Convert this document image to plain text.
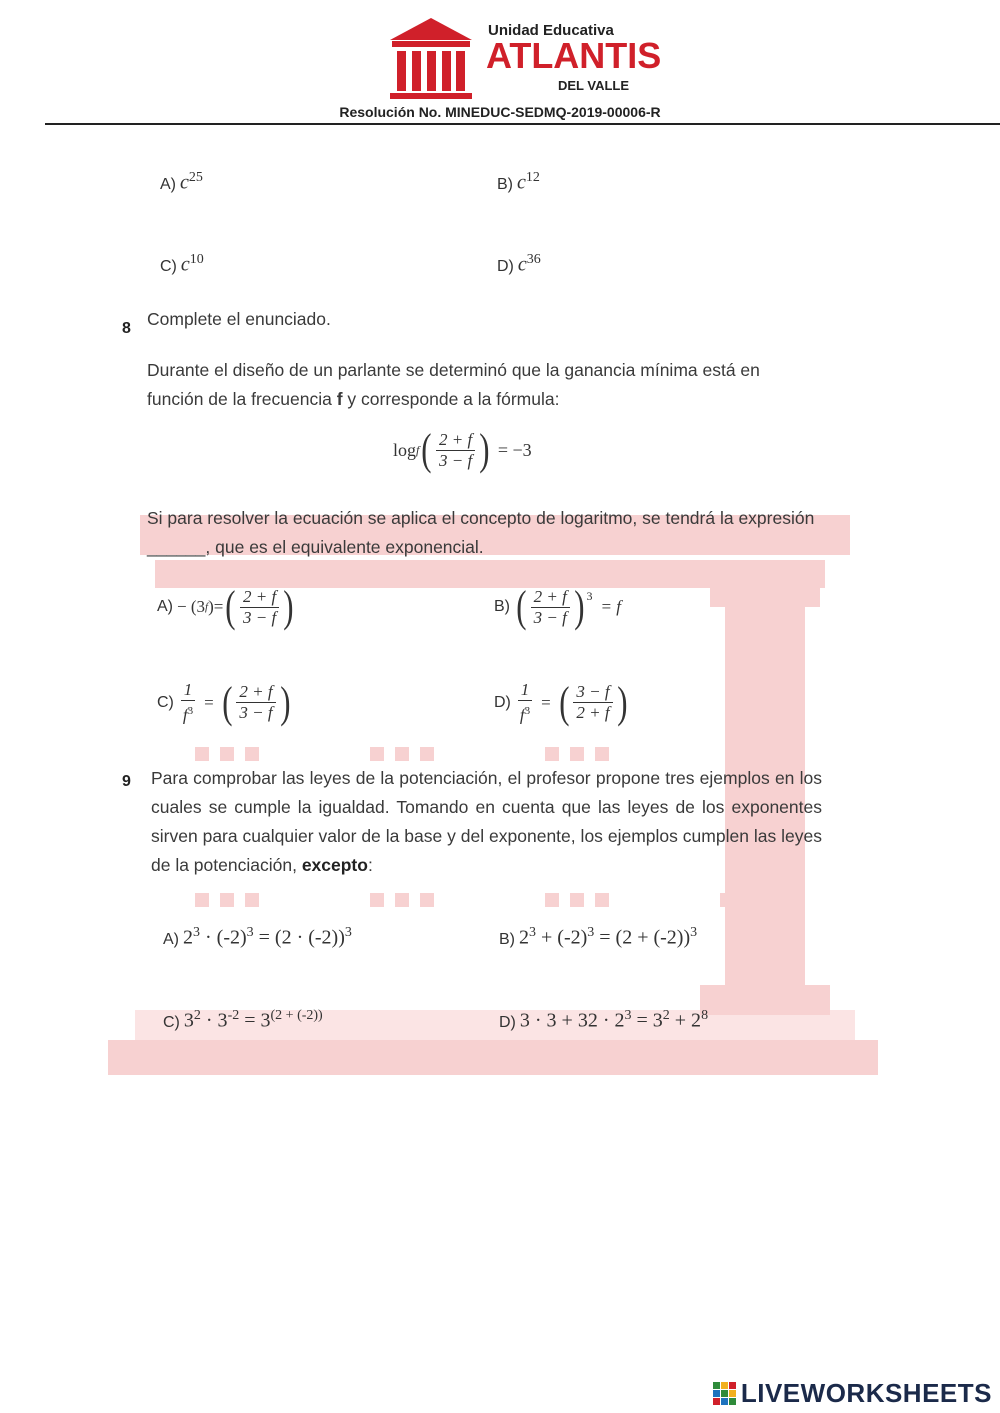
Unidad Educativa
ATLANTIS
DEL VALLE
Resolución No. MINEDUC-SEDMQ-2019-00006-R
A) $c^{25}$	B) $c^{12}$
C) $c^{10}$	D) $c^{36}$
8 Complete el enunciado.
Durante el diseño de un parlante se determinó que la ganancia mínima está en función de la frecuencia f y corresponde a la fórmula:
log f ( $\frac{2 + f}{3 - f}$ ) = −3
Si para resolver la ecuación se aplica el concepto de logaritmo, se tendrá la expresión ______, que es el equivalente exponencial.
A) − (3 f )= ( $\frac{2 + f}{3 - f}$ )	B) ( $\frac{2 + f}{3 - f} )^3$
= f
$C) \frac{1}{f^3}$ = ( $\frac{2 + f}{3 - f}$ )	$D) \frac{1}{f^3}$ = ( $\frac{3 - f}{2 + f}$ )
9 Para comprobar las leyes de la potenciación, el profesor propone tres ejemplos en los cuales se cumple la igualdad. Tomando en cuenta que las leyes de los exponentes sirven para cualquier valor de la base y del exponente, los ejemplos cumplen las leyes de la potenciación, excepto:
A) $2^3 \cdot (-2)^3 = (2 \cdot (-2))^3$	B) $2^3 + (-2)^3 = (2 + (-2))^3$
C) $3^2 \cdot 3^{-2} = 3^{(2 + (-2))}$	D) $3 \cdot 3 + 32 \cdot 2^3 = 3^2 + 2^8$
LIVEWORKSHEETS
